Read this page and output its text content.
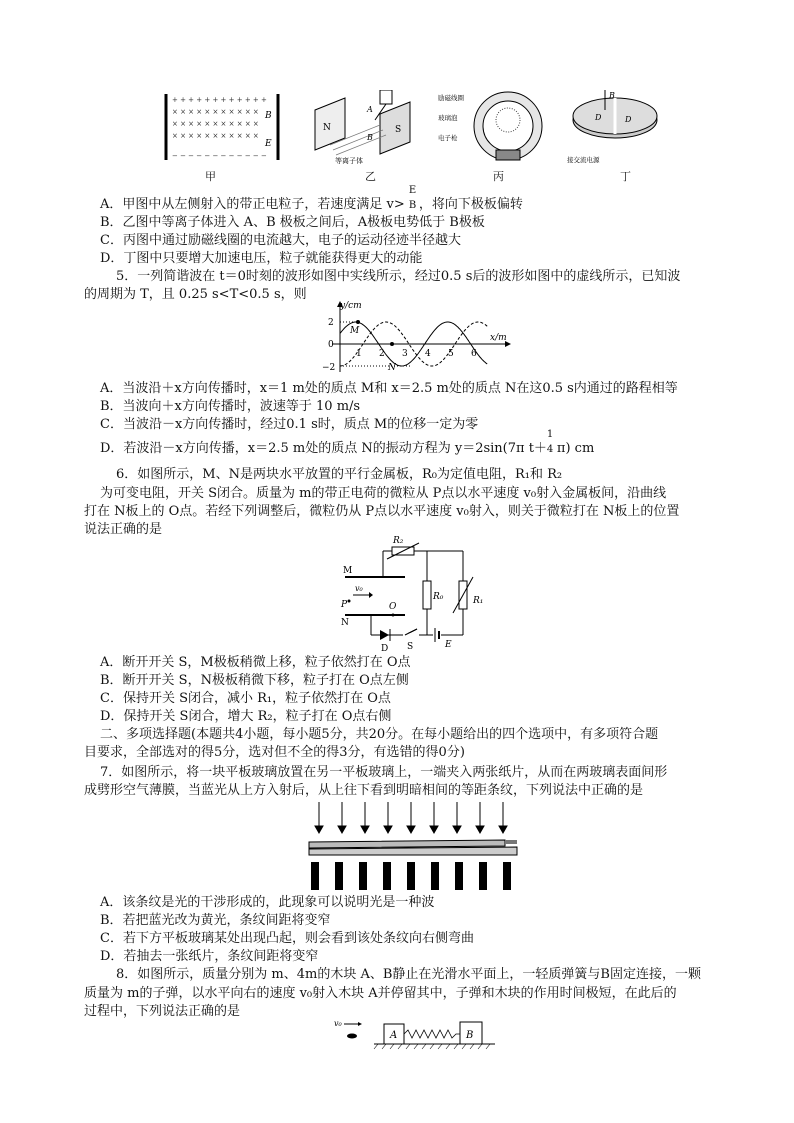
+ + + + + + + + + + + +
× × × × × × × × × × ×
× × × × × × × × × × ×
× × × × × × × × × × ×
− − − − − − − − − − − −
B
E
N	S
A
B
等离子体
励磁线圈
玻璃泡
电子枪
B
D	D
接交流电源
甲	乙	丙	丁
A．甲图中从左侧射入的带正电粒子，若速度满足 v>
E
B ，将向下极板偏转
B．乙图中等离子体进入 A、B 极板之间后，A极板电势低于 B极板
C．丙图中通过励磁线圈的电流越大，电子的运动径迹半径越大
D．丁图中只要增大加速电压，粒子就能获得更大的动能
5．一列简谐波在 t＝0时刻的波形如图中实线所示，经过0.5 s后的波形如图中的虚线所示，已知波
的周期为 T，且 0.25 s<T<0.5 s，则
y/cm
x/m
2
0
−2
1 2 3 4 5 6
M
N
A．当波沿＋x方向传播时，x＝1 m处的质点 M和 x＝2.5 m处的质点 N在这0.5 s内通过的路程相等
B．当波向＋x方向传播时，波速等于 10 m/s
C．当波沿－x方向传播时，经过0.1 s时，质点 M的位移一定为零
D．若波沿－x方向传播，x＝2.5 m处的质点 N的振动方程为 y＝2sin(7π t＋
1
4 π) cm
6．如图所示，M、N是两块水平放置的平行金属板，R₀为定值电阻，R₁和 R₂
为可变电阻，开关 S闭合。质量为 m的带正电荷的微粒从 P点以水平速度 v₀射入金属板间，沿曲线
打在 N板上的 O点。若经下列调整后，微粒仍从 P点以水平速度 v₀射入，则关于微粒打在 N板上的位置
说法正确的是
R₂
R₀	R₁
M
N
P	O
v₀
D S	E
A．断开开关 S，M极板稍微上移，粒子依然打在 O点
B．断开开关 S，N极板稍微下移，粒子打在 O点左侧
C．保持开关 S闭合，减小 R₁，粒子依然打在 O点
D．保持开关 S闭合，增大 R₂，粒子打在 O点右侧
二、多项选择题(本题共4小题，每小题5分，共20分。在每小题给出的四个选项中，有多项符合题
目要求，全部选对的得5分，选对但不全的得3分，有选错的得0分)
7．如图所示，将一块平板玻璃放置在另一平板玻璃上，一端夹入两张纸片，从而在两玻璃表面间形
成劈形空气薄膜，当蓝光从上方入射后，从上往下看到明暗相间的等距条纹，下列说法中正确的是
A．该条纹是光的干涉形成的，此现象可以说明光是一种波
B．若把蓝光改为黄光，条纹间距将变窄
C．若下方平板玻璃某处出现凸起，则会看到该处条纹向右侧弯曲
D．若抽去一张纸片，条纹间距将变窄
8．如图所示，质量分别为 m、4m的木块 A、B静止在光滑水平面上，一轻质弹簧与B固定连接，一颗
质量为 m的子弹，以水平向右的速度 v₀射入木块 A并停留其中，子弹和木块的作用时间极短，在此后的
过程中，下列说法正确的是
v₀
A	B
